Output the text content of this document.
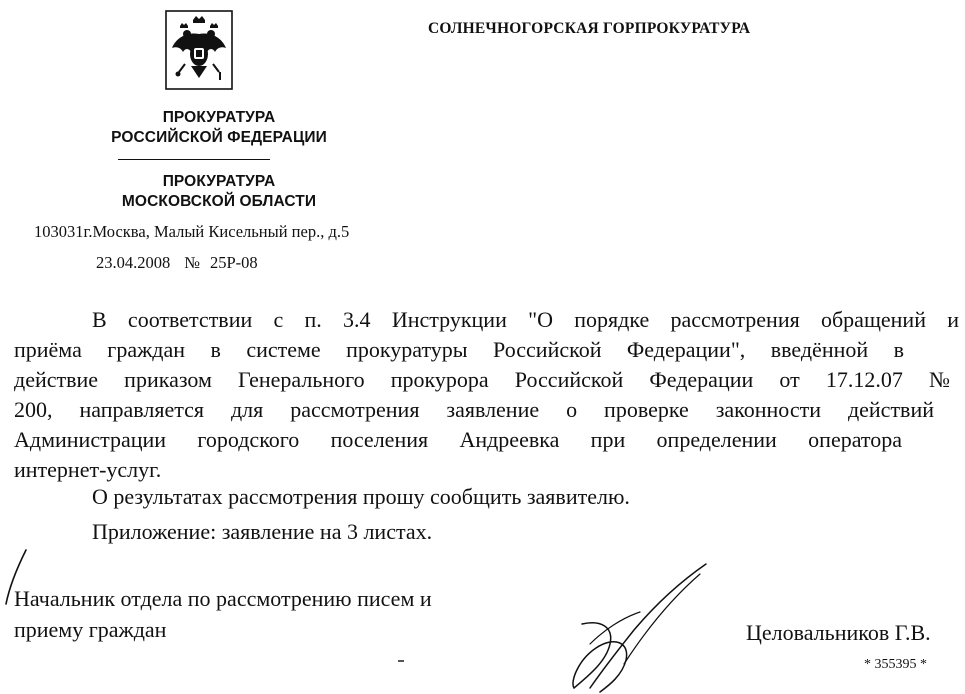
ПРОКУРАТУРА
РОССИЙСКОЙ ФЕДЕРАЦИИ
ПРОКУРАТУРА
МОСКОВСКОЙ ОБЛАСТИ
103031г.Москва, Малый Кисельный пер., д.5
23.04.2008 № 25Р-08
СОЛНЕЧНОГОРСКАЯ ГОРПРОКУРАТУРА
В соответствии с п. 3.4 Инструкции "О порядке рассмотрения обращений и
приёма граждан в системе прокуратуры Российской Федерации", введённой в
действие приказом Генерального прокурора Российской Федерации от 17.12.07 №
200, направляется для рассмотрения заявление о проверке законности действий
Администрации городского поселения Андреевка при определении оператора
интернет-услуг.
О результатах рассмотрения прошу сообщить заявителю.
Приложение: заявление на 3 листах.
Начальник отдела по рассмотрению писем и
приему граждан	Целовальников Г.В.
* 355395 *
